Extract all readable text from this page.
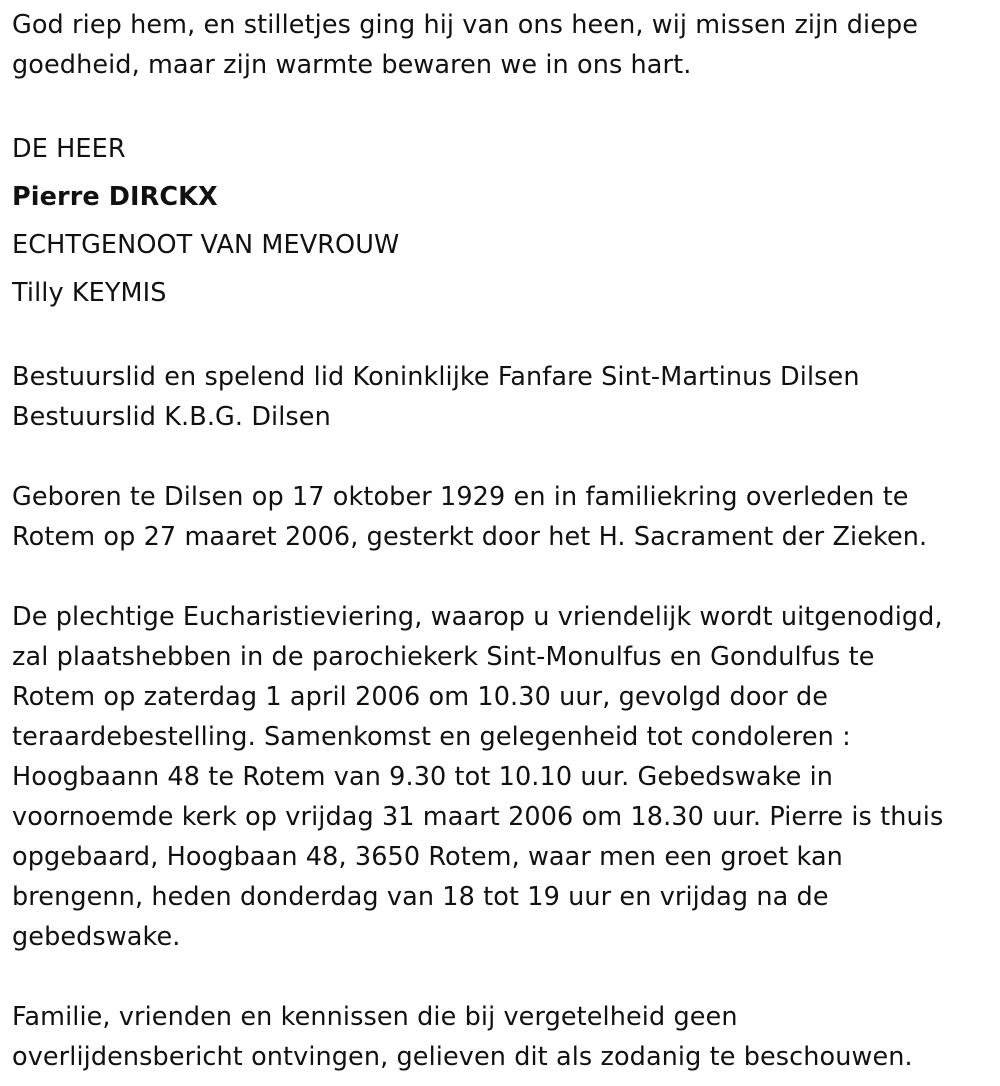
God riep hem, en stilletjes ging hij van ons heen, wij missen zijn diepe
goedheid, maar zijn warmte bewaren we in ons hart.
DE HEER
Pierre DIRCKX
ECHTGENOOT VAN MEVROUW
Tilly KEYMIS
Bestuurslid en spelend lid Koninklijke Fanfare Sint-Martinus Dilsen
Bestuurslid K.B.G. Dilsen
Geboren te Dilsen op 17 oktober 1929 en in familiekring overleden te
Rotem op 27 maaret 2006, gesterkt door het H. Sacrament der Zieken.
De plechtige Eucharistieviering, waarop u vriendelijk wordt uitgenodigd,
zal plaatshebben in de parochiekerk Sint-Monulfus en Gondulfus te
Rotem op zaterdag 1 april 2006 om 10.30 uur, gevolgd door de
teraardebestelling. Samenkomst en gelegenheid tot condoleren :
Hoogbaann 48 te Rotem van 9.30 tot 10.10 uur. Gebedswake in
voornoemde kerk op vrijdag 31 maart 2006 om 18.30 uur. Pierre is thuis
opgebaard, Hoogbaan 48, 3650 Rotem, waar men een groet kan
brengenn, heden donderdag van 18 tot 19 uur en vrijdag na de
gebedswake.
Familie, vrienden en kennissen die bij vergetelheid geen
overlijdensbericht ontvingen, gelieven dit als zodanig te beschouwen.
